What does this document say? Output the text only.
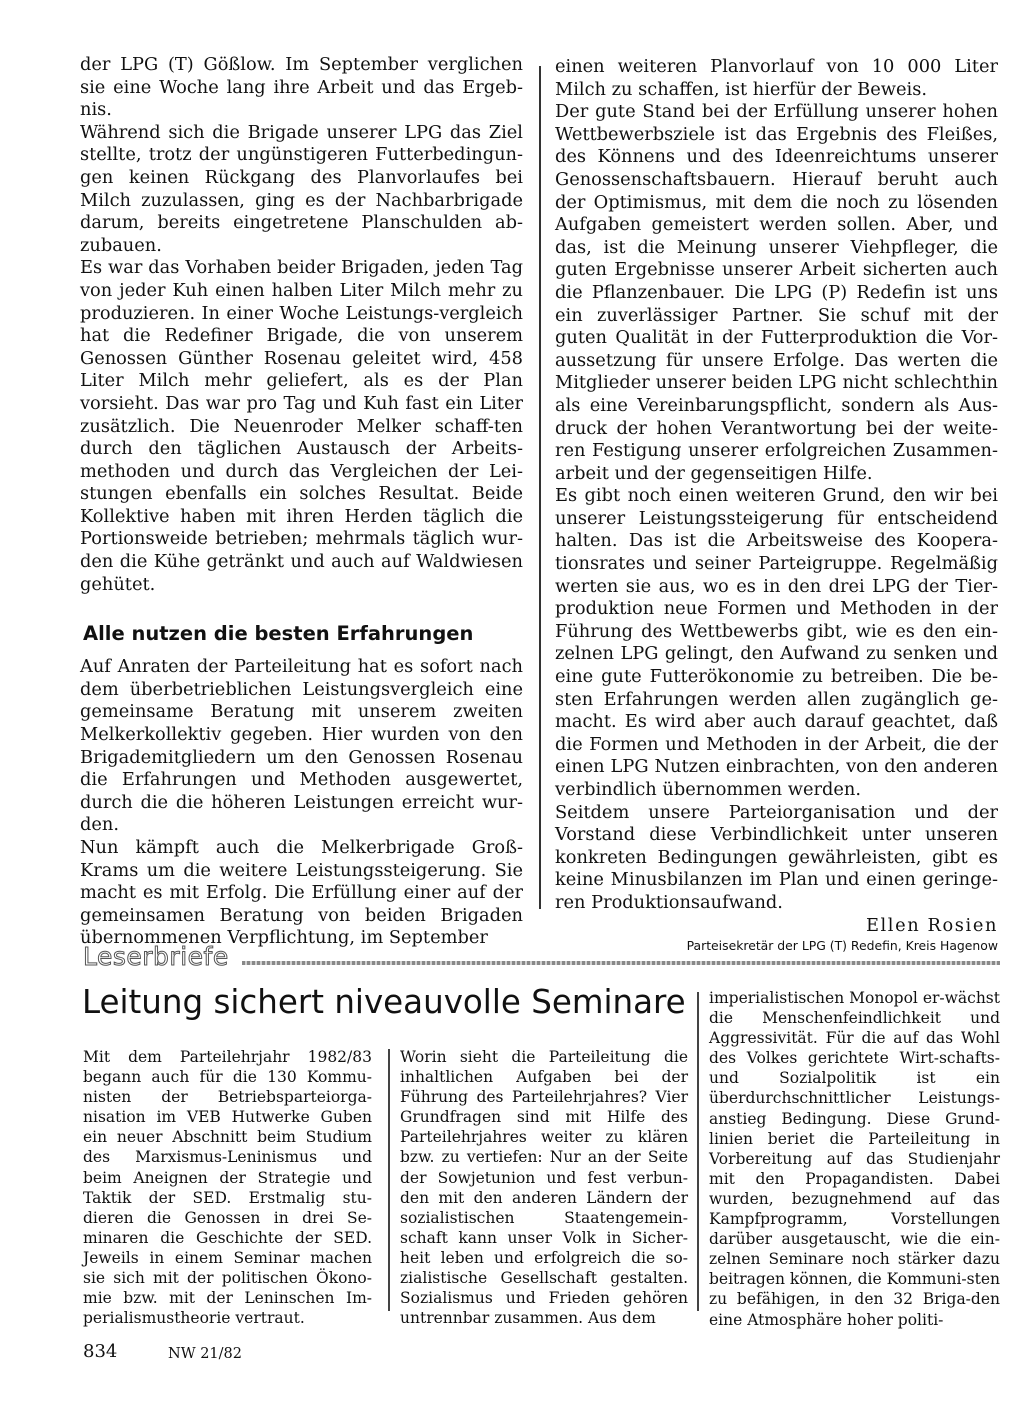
der LPG (T) Gößlow. Im September verglichen sie eine Woche lang ihre Arbeit und das Ergeb-nis.

Während sich die Brigade unserer LPG das Ziel stellte, trotz der ungünstigeren Futterbedingun-gen keinen Rückgang des Planvorlaufes bei Milch zuzulassen, ging es der Nachbarbrigade darum, bereits eingetretene Planschulden ab-zubauen.

Es war das Vorhaben beider Brigaden, jeden Tag von jeder Kuh einen halben Liter Milch mehr zu produzieren. In einer Woche Leistungs-vergleich hat die Redefiner Brigade, die von unserem Genossen Günther Rosenau geleitet wird, 458 Liter Milch mehr geliefert, als es der Plan vorsieht. Das war pro Tag und Kuh fast ein Liter zusätzlich. Die Neuenroder Melker schaff-ten durch den täglichen Austausch der Arbeits-methoden und durch das Vergleichen der Lei-stungen ebenfalls ein solches Resultat. Beide Kollektive haben mit ihren Herden täglich die Portionsweide betrieben; mehrmals täglich wur-den die Kühe getränkt und auch auf Waldwiesen gehütet.

Alle nutzen die besten Erfahrungen

Auf Anraten der Parteileitung hat es sofort nach dem überbetrieblichen Leistungsvergleich eine gemeinsame Beratung mit unserem zweiten Melkerkollektiv gegeben. Hier wurden von den Brigademitgliedern um den Genossen Rosenau die Erfahrungen und Methoden ausgewertet, durch die die höheren Leistungen erreicht wur-den.

Nun kämpft auch die Melkerbrigade Groß-Krams um die weitere Leistungssteigerung. Sie macht es mit Erfolg. Die Erfüllung einer auf der gemeinsamen Beratung von beiden Brigaden übernommenen Verpflichtung, im September

einen weiteren Planvorlauf von 10 000 Liter Milch zu schaffen, ist hierfür der Beweis.

Der gute Stand bei der Erfüllung unserer hohen Wettbewerbsziele ist das Ergebnis des Fleißes, des Könnens und des Ideenreichtums unserer Genossenschaftsbauern. Hierauf beruht auch der Optimismus, mit dem die noch zu lösenden Aufgaben gemeistert werden sollen. Aber, und das, ist die Meinung unserer Viehpfleger, die guten Ergebnisse unserer Arbeit sicherten auch die Pflanzenbauer. Die LPG (P) Redefin ist uns ein zuverlässiger Partner. Sie schuf mit der guten Qualität in der Futterproduktion die Vor-aussetzung für unsere Erfolge. Das werten die Mitglieder unserer beiden LPG nicht schlechthin als eine Vereinbarungspflicht, sondern als Aus-druck der hohen Verantwortung bei der weite-ren Festigung unserer erfolgreichen Zusammen-arbeit und der gegenseitigen Hilfe.

Es gibt noch einen weiteren Grund, den wir bei unserer Leistungssteigerung für entscheidend halten. Das ist die Arbeitsweise des Koopera-tionsrates und seiner Parteigruppe. Regelmäßig werten sie aus, wo es in den drei LPG der Tier-produktion neue Formen und Methoden in der Führung des Wettbewerbs gibt, wie es den ein-zelnen LPG gelingt, den Aufwand zu senken und eine gute Futterökonomie zu betreiben. Die be-sten Erfahrungen werden allen zugänglich ge-macht. Es wird aber auch darauf geachtet, daß die Formen und Methoden in der Arbeit, die der einen LPG Nutzen einbrachten, von den anderen verbindlich übernommen werden.

Seitdem unsere Parteiorganisation und der Vorstand diese Verbindlichkeit unter unseren konkreten Bedingungen gewährleisten, gibt es keine Minusbilanzen im Plan und einen geringe-ren Produktionsaufwand.

Ellen Rosien

Parteisekretär der LPG (T) Redefin, Kreis Hagenow

Leserbriefe
Leitung sichert niveauvolle Seminare

Mit dem Parteilehrjahr 1982/83 begann auch für die 130 Kommu-nisten der Betriebsparteiorga-nisation im VEB Hutwerke Guben ein neuer Abschnitt beim Studium des Marxismus-Leninismus und beim Aneignen der Strategie und Taktik der SED. Erstmalig stu-dieren die Genossen in drei Se-minaren die Geschichte der SED. Jeweils in einem Seminar machen sie sich mit der politischen Ökono-mie bzw. mit der Leninschen Im-perialismustheorie vertraut.

Worin sieht die Parteileitung die inhaltlichen Aufgaben bei der Führung des Parteilehrjahres? Vier Grundfragen sind mit Hilfe des Parteilehrjahres weiter zu klären bzw. zu vertiefen: Nur an der Seite der Sowjetunion und fest verbun-den mit den anderen Ländern der sozialistischen Staatengemein-schaft kann unser Volk in Sicher-heit leben und erfolgreich die so-zialistische Gesellschaft gestalten. Sozialismus und Frieden gehören untrennbar zusammen. Aus dem

imperialistischen Monopol er-wächst die Menschenfeindlichkeit und Aggressivität. Für die auf das Wohl des Volkes gerichtete Wirt-schafts- und Sozialpolitik ist ein überdurchschnittlicher Leistungs-anstieg Bedingung. Diese Grund-linien beriet die Parteileitung in Vorbereitung auf das Studienjahr mit den Propagandisten. Dabei wurden, bezugnehmend auf das Kampfprogramm, Vorstellungen darüber ausgetauscht, wie die ein-zelnen Seminare noch stärker dazu beitragen können, die Kommuni-sten zu befähigen, in den 32 Briga-den eine Atmosphäre hoher politi-

834	NW 21/82
